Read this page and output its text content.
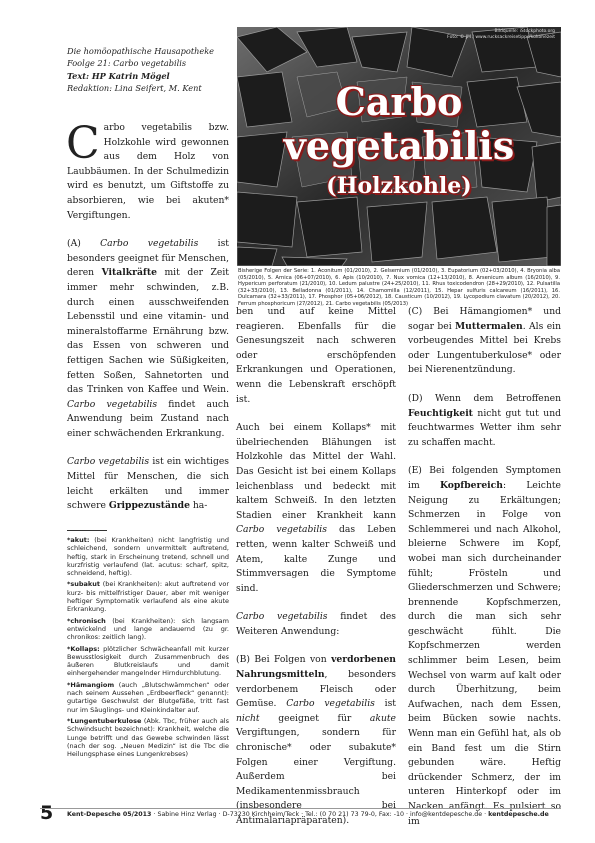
Die homöopathische Hausapotheke
Foolge 21: Carbo vegetabilis
Text: HP Katrin Mögel
Redaktion: Lina Seifert, M. Kent
Bildquelle: iStockphoto.org
Foto: © JM / www.rucksackreisetipps/kokohezeit
Carbo
vegetabilis
(Holzkohle)
Bisherige Folgen der Serie: 1. Aconitum (01/2010), 2. Gelsemium (01/2010), 3. Eupatorium (02+03/2010), 4. Bryonia alba (05/2010), 5. Arnica (06+07/2010), 6. Apis (10/2010), 7. Nux vomica (12+13/2010), 8. Arsenicum album (16/2010), 9. Hypericum perforatum (21/2010), 10. Ledum palustre (24+25/2010), 11. Rhus toxicodendron (28+29/2010), 12. Pulsatilla (32+33/2010), 13. Belladonna (01/2011), 14. Chamomilla (12/2011), 15. Hepar sulfuris calcareum (16/2011), 16. Dulcamara (32+33/2011), 17. Phosphor (05+06/2012), 18. Causticum (10/2012), 19. Lycopodium clavatum (20/2012), 20. Ferrum phosphoricum (27/2012), 21. Carbo vegetabilis (05/2013)

Carbo vegetabilis bzw. Holzkohle wird gewonnen aus dem Holz von Laubbäumen. In der Schulmedizin wird es benutzt, um Giftstoffe zu absorbieren, wie bei akuten* Vergiftungen.

(A) Carbo vegetabilis ist besonders geeignet für Menschen, deren Vitalkräfte mit der Zeit immer mehr schwinden, z.B. durch einen ausschweifenden Lebensstil und eine vitamin- und mineralstoffarme Ernährung bzw. das Essen von schweren und fettigen Sachen wie Süßigkeiten, fetten Soßen, Sahnetorten und das Trinken von Kaffee und Wein. Carbo vegetabilis findet auch Anwendung beim Zustand nach einer schwächenden Erkrankung.

Carbo vegetabilis ist ein wichtiges Mittel für Menschen, die sich leicht erkälten und immer schwere Grippezustände ha-

*akut: (bei Krankheiten) nicht langfristig und schleichend, sondern unvermittelt auftretend, heftig, stark in Erscheinung tretend, schnell und kurzfristig verlaufend (lat. acutus: scharf, spitz, schneidend, heftig).

*subakut (bei Krankheiten): akut auftretend vor kurz- bis mittelfristiger Dauer, aber mit weniger heftiger Symptomatik verlaufend als eine akute Erkrankung.

*chronisch (bei Krankheiten): sich langsam entwickelnd und lange andauernd (zu gr. chronikos: zeitlich lang).

*Kollaps: plötzlicher Schwächeanfall mit kurzer Bewusstlosigkeit durch Zusammenbruch des äußeren Blutkreislaufs und damit einhergehender mangelnder Hirndurchblutung.

*Hämangiom (auch „Blutschwämmchen“ oder nach seinem Aussehen „Erdbeerfleck“ genannt): gutartige Geschwulst der Blutgefäße, tritt fast nur im Säuglings- und Kleinkindalter auf.

*Lungentuberkulose (Abk. Tbc, früher auch als Schwindsucht bezeichnet): Krankheit, welche die Lunge betrifft und das Gewebe schwinden lässt (nach der sog. „Neuen Medizin“ ist die Tbc die Heilungsphase eines Lungenkrebses)

ben und auf keine Mittel reagieren. Ebenfalls für die Genesungszeit nach schweren oder erschöpfenden Erkrankungen und Operationen, wenn die Lebenskraft erschöpft ist.

Auch bei einem Kollaps* mit übelriechenden Blähungen ist Holzkohle das Mittel der Wahl. Das Gesicht ist bei einem Kollaps leichenblass und bedeckt mit kaltem Schweiß. In den letzten Stadien einer Krankheit kann Carbo vegetabilis das Leben retten, wenn kalter Schweiß und Atem, kalte Zunge und Stimmversagen die Symptome sind.

Carbo vegetabilis findet des Weiteren Anwendung:

(B) Bei Folgen von verdorbenen Nahrungsmitteln, besonders verdorbenem Fleisch oder Gemüse. Carbo vegetabilis ist nicht geeignet für akute Vergiftungen, sondern für chronische* oder subakute* Folgen einer Vergiftung. Außerdem bei Medikamentenmissbrauch (insbesondere bei Antimalariapräparaten).

(C) Bei Hämangiomen* und sogar bei Muttermalen. Als ein vorbeugendes Mittel bei Krebs oder Lungentuberkulose* oder bei Nierenentzündung.

(D) Wenn dem Betroffenen Feuchtigkeit nicht gut tut und feuchtwarmes Wetter ihm sehr zu schaffen macht.

(E) Bei folgenden Symptomen im Kopfbereich: Leichte Neigung zu Erkältungen; Schmerzen in Folge von Schlemmerei und nach Alkohol, bleierne Schwere im Kopf, wobei man sich durcheinander fühlt; Frösteln und Gliederschmerzen und Schwere; brennende Kopfschmerzen, durch die man sich sehr geschwächt fühlt. Die Kopfschmerzen werden schlimmer beim Lesen, beim Wechsel von warm auf kalt oder durch Überhitzung, beim Aufwachen, nach dem Essen, beim Bücken sowie nachts. Wenn man ein Gefühl hat, als ob ein Band fest um die Stirn gebunden wäre. Heftig drückender Schmerz, der im unteren Hinterkopf oder im Nacken anfängt. Es pulsiert so im

5 Kent-Depesche 05/2013 · Sabine Hinz Verlag · D-73230 Kirchheim/Teck · Tel.: (0 70 21) 73 79-0, Fax: -10 · info@kentdepesche.de · kentdepesche.de
